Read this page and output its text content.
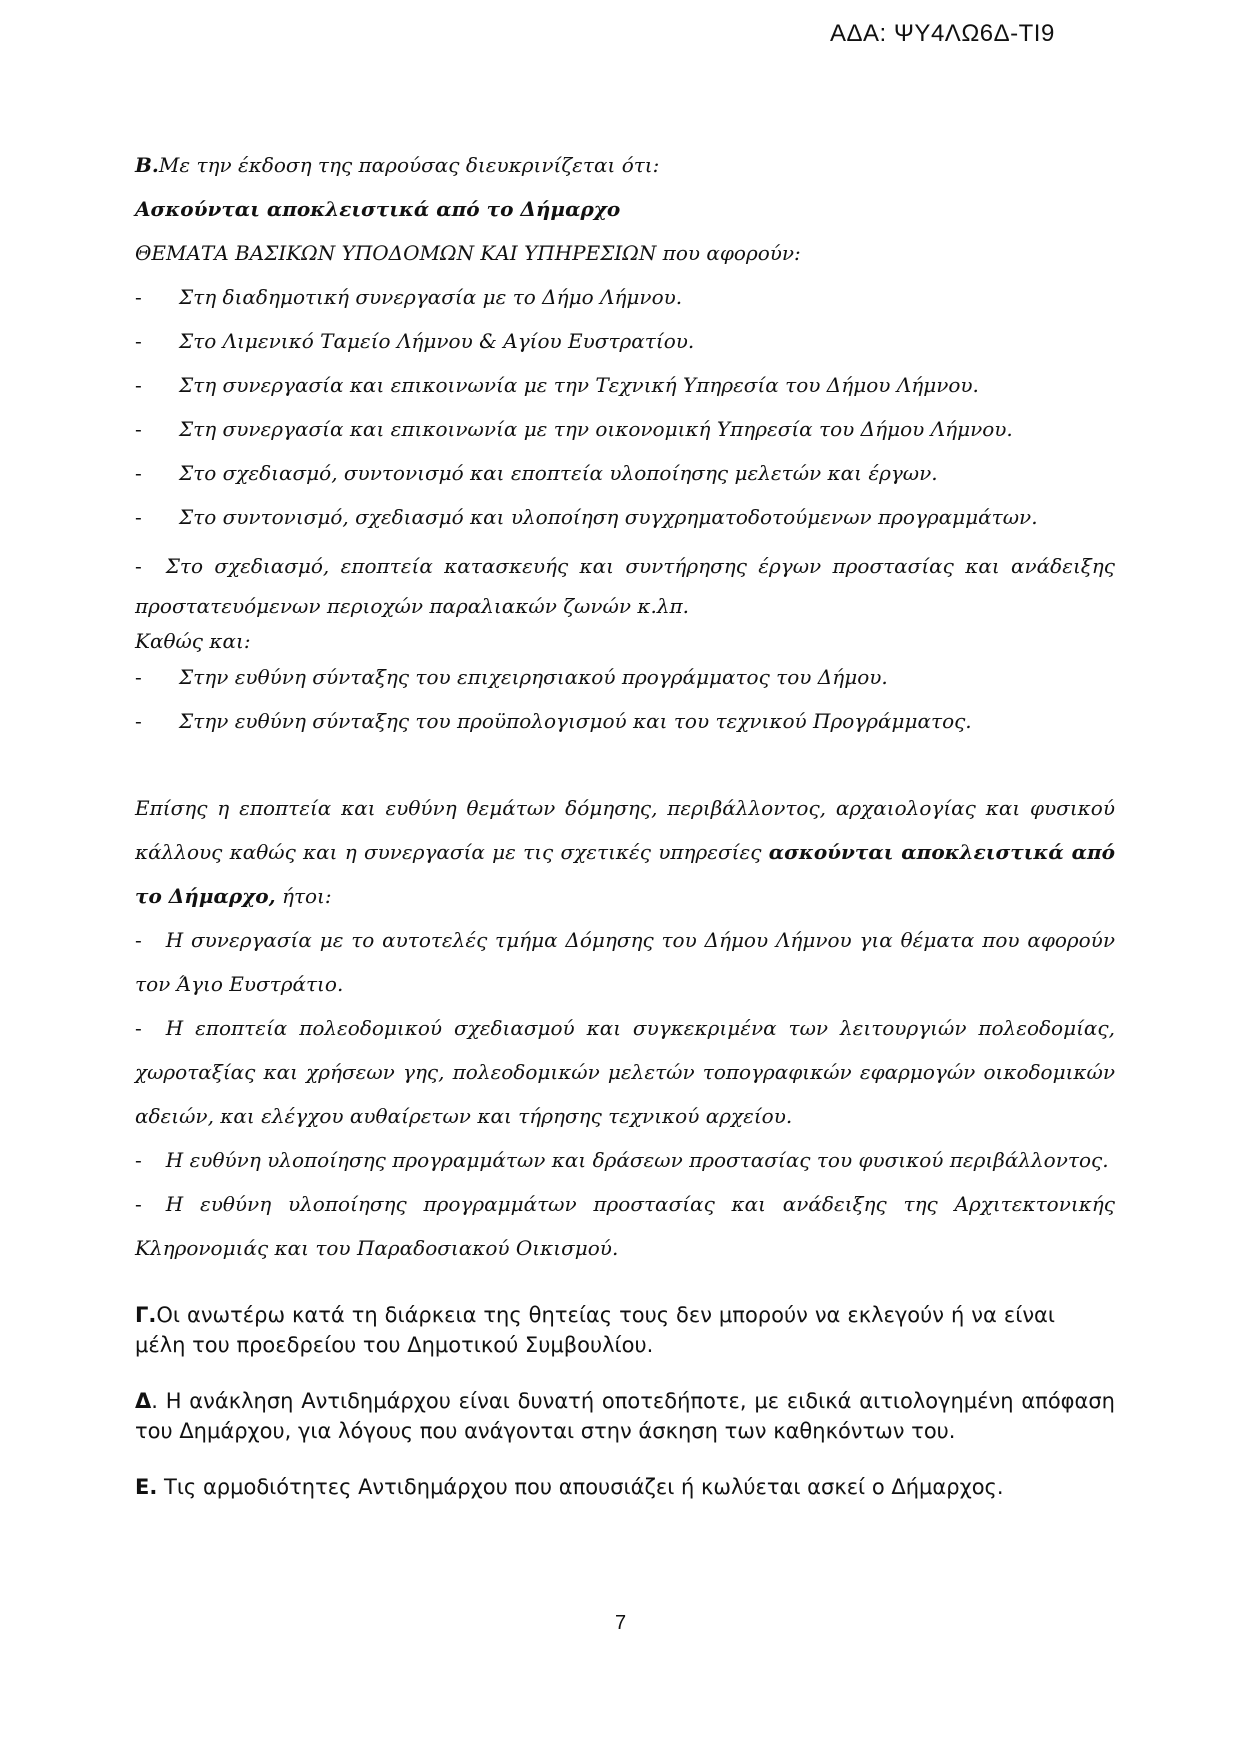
ΑΔΑ: ΨΥ4ΛΩ6Δ-ΤΙ9
Β.Με την έκδοση της παρούσας διευκρινίζεται ότι:
Ασκούνται αποκλειστικά από το Δήμαρχο
ΘΕΜΑΤΑ ΒΑΣΙΚΩΝ ΥΠΟΔΟΜΩΝ ΚΑΙ ΥΠΗΡΕΣΙΩΝ που αφορούν:
- Στη διαδημοτική συνεργασία με το Δήμο Λήμνου.
- Στο Λιμενικό Ταμείο Λήμνου & Αγίου Ευστρατίου.
- Στη συνεργασία και επικοινωνία με την Τεχνική Υπηρεσία του Δήμου Λήμνου.
- Στη συνεργασία και επικοινωνία με την οικονομική Υπηρεσία του Δήμου Λήμνου.
- Στο σχεδιασμό, συντονισμό και εποπτεία υλοποίησης μελετών και έργων.
- Στο συντονισμό, σχεδιασμό και υλοποίηση συγχρηματοδοτούμενων προγραμμάτων.
- Στο σχεδιασμό, εποπτεία κατασκευής και συντήρησης έργων προστασίας και ανάδειξης προστατευόμενων περιοχών παραλιακών ζωνών κ.λπ.
Καθώς και:
- Στην ευθύνη σύνταξης του επιχειρησιακού προγράμματος του Δήμου.
- Στην ευθύνη σύνταξης του προϋπολογισμού και του τεχνικού Προγράμματος.
Επίσης η εποπτεία και ευθύνη θεμάτων δόμησης, περιβάλλοντος, αρχαιολογίας και φυσικού κάλλους καθώς και η συνεργασία με τις σχετικές υπηρεσίες ασκούνται αποκλειστικά από το Δήμαρχο, ήτοι:
- Η συνεργασία με το αυτοτελές τμήμα Δόμησης του Δήμου Λήμνου για θέματα που αφορούν τον Άγιο Ευστράτιο.
- Η εποπτεία πολεοδομικού σχεδιασμού και συγκεκριμένα των λειτουργιών πολεοδομίας, χωροταξίας και χρήσεων γης, πολεοδομικών μελετών τοπογραφικών εφαρμογών οικοδομικών αδειών, και ελέγχου αυθαίρετων και τήρησης τεχνικού αρχείου.
- Η ευθύνη υλοποίησης προγραμμάτων και δράσεων προστασίας του φυσικού περιβάλλοντος.
- Η ευθύνη υλοποίησης προγραμμάτων προστασίας και ανάδειξης της Αρχιτεκτονικής Κληρονομιάς και του Παραδοσιακού Οικισμού.
Γ.Οι ανωτέρω κατά τη διάρκεια της θητείας τους δεν μπορούν να εκλεγούν ή να είναι μέλη του προεδρείου του Δημοτικού Συμβουλίου.
Δ. Η ανάκληση Αντιδημάρχου είναι δυνατή οποτεδήποτε, με ειδικά αιτιολογημένη απόφαση του Δημάρχου, για λόγους που ανάγονται στην άσκηση των καθηκόντων του.
Ε. Τις αρμοδιότητες Αντιδημάρχου που απουσιάζει ή κωλύεται ασκεί ο Δήμαρχος.
7
